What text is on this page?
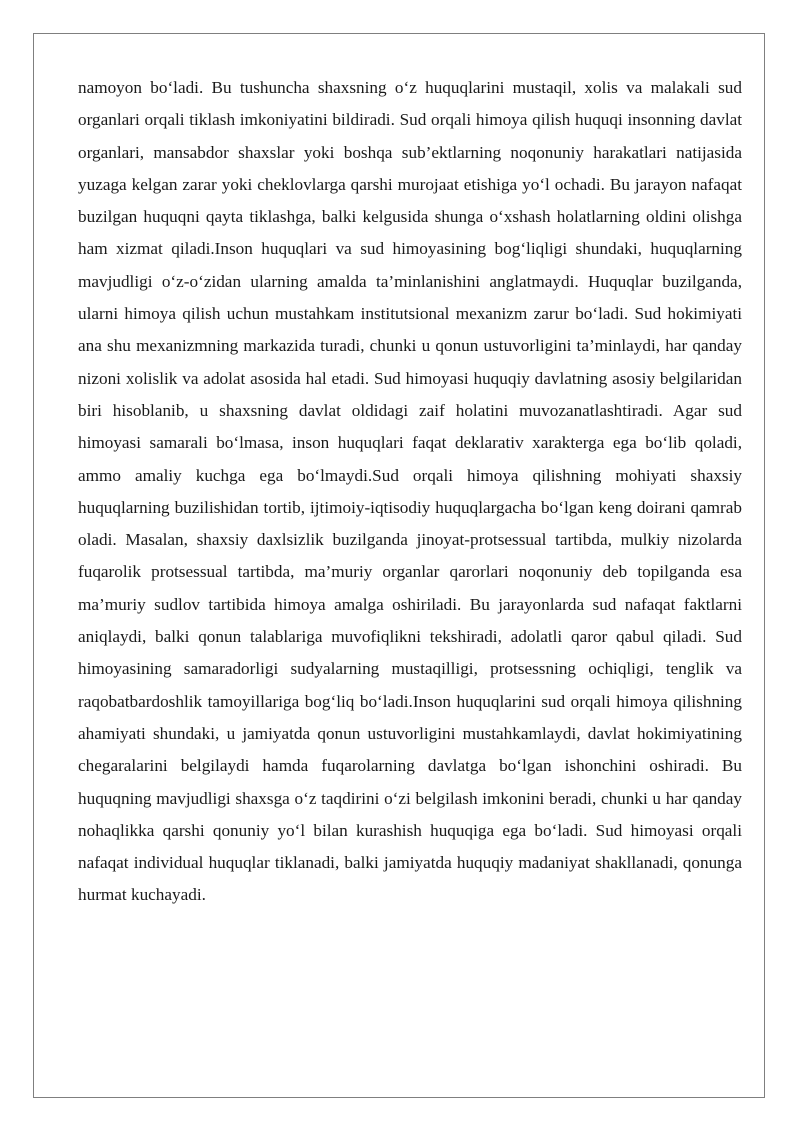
namoyon boʻladi. Bu tushuncha shaxsning oʻz huquqlarini mustaqil, xolis va malakali sud organlari orqali tiklash imkoniyatini bildiradi. Sud orqali himoya qilish huquqi insonning davlat organlari, mansabdor shaxslar yoki boshqa sub’ektlarning noqonuniy harakatlari natijasida yuzaga kelgan zarar yoki cheklovlarga qarshi murojaat etishiga yoʻl ochadi. Bu jarayon nafaqat buzilgan huquqni qayta tiklashga, balki kelgusida shunga oʻxshash holatlarning oldini olishga ham xizmat qiladi.Inson huquqlari va sud himoyasining bogʻliqligi shundaki, huquqlarning mavjudligi oʻz-oʻzidan ularning amalda ta’minlanishini anglatmaydi. Huquqlar buzilganda, ularni himoya qilish uchun mustahkam institutsional mexanizm zarur boʻladi. Sud hokimiyati ana shu mexanizmning markazida turadi, chunki u qonun ustuvorligini ta’minlaydi, har qanday nizoni xolislik va adolat asosida hal etadi. Sud himoyasi huquqiy davlatning asosiy belgilaridan biri hisoblanib, u shaxsning davlat oldidagi zaif holatini muvozanatlashtiradi. Agar sud himoyasi samarali boʻlmasa, inson huquqlari faqat deklarativ xarakterga ega boʻlib qoladi, ammo amaliy kuchga ega boʻlmaydi.Sud orqali himoya qilishning mohiyati shaxsiy huquqlarning buzilishidan tortib, ijtimoiy-iqtisodiy huquqlargacha boʻlgan keng doirani qamrab oladi. Masalan, shaxsiy daxlsizlik buzilganda jinoyat-protsessual tartibda, mulkiy nizolarda fuqarolik protsessual tartibda, ma’muriy organlar qarorlari noqonuniy deb topilganda esa ma’muriy sudlov tartibida himoya amalga oshiriladi. Bu jarayonlarda sud nafaqat faktlarni aniqlaydi, balki qonun talablariga muvofiqlikni tekshiradi, adolatli qaror qabul qiladi. Sud himoyasining samaradorligi sudyalarning mustaqilligi, protsessning ochiqligi, tenglik va raqobatbardoshlik tamoyillariga bogʻliq boʻladi.Inson huquqlarini sud orqali himoya qilishning ahamiyati shundaki, u jamiyatda qonun ustuvorligini mustahkamlaydi, davlat hokimiyatining chegaralarini belgilaydi hamda fuqarolarning davlatga boʻlgan ishonchini oshiradi. Bu huquqning mavjudligi shaxsga oʻz taqdirini oʻzi belgilash imkonini beradi, chunki u har qanday nohaqlikka qarshi qonuniy yoʻl bilan kurashish huquqiga ega boʻladi. Sud himoyasi orqali nafaqat individual huquqlar tiklanadi, balki jamiyatda huquqiy madaniyat shakllanadi, qonunga hurmat kuchayadi.
